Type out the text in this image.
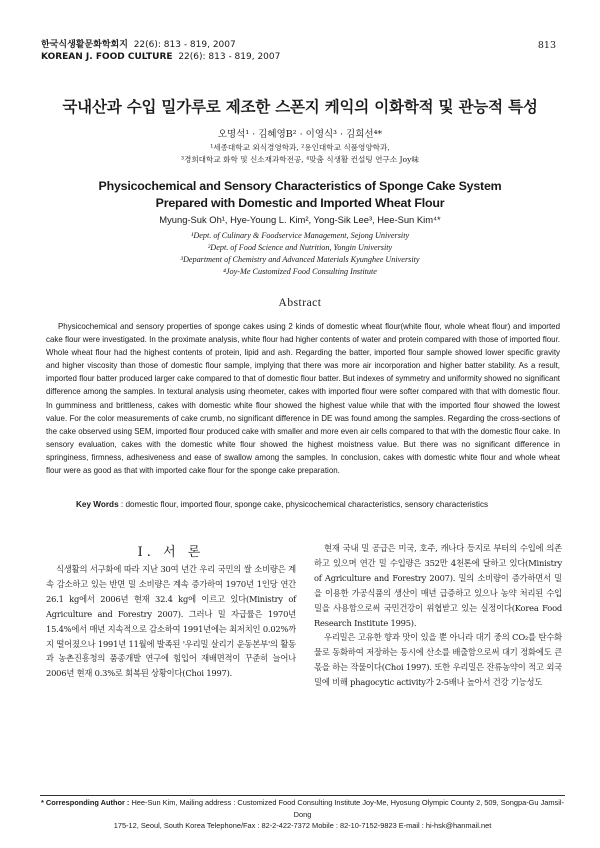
한국식생활문화학회지 22(6): 813 - 819, 2007
KOREAN J. FOOD CULTURE 22(6): 813 - 819, 2007
813
국내산과 수입 밀가루로 제조한 스폰지 케익의 이화학적 및 관능적 특성
오명석¹ · 김혜영B² · 이영식³ · 김희선⁴*
¹세종대학교 외식경영학과, ²용인대학교 식품영양학과,
³경희대학교 화학 및 신소재과학전공, ⁴맞춤 식생활 컨설팅 연구소 Joy味
Physicochemical and Sensory Characteristics of Sponge Cake System
Prepared with Domestic and Imported Wheat Flour
Myung-Suk Oh¹, Hye-Young L. Kim², Yong-Sik Lee³, Hee-Sun Kim⁴*
¹Dept. of Culinary & Foodservice Management, Sejong University
²Dept. of Food Science and Nutrition, Yongin University
³Department of Chemistry and Advanced Materials Kyunghee University
⁴Joy-Me Customized Food Consulting Institute
Abstract

Physicochemical and sensory properties of sponge cakes using 2 kinds of domestic wheat flour(white flour, whole wheat flour) and imported cake flour were investigated. In the proximate analysis, white flour had higher contents of water and protein compared with those of imported flour. Whole wheat flour had the highest contents of protein, lipid and ash. Regarding the batter, imported flour sample showed lower specific gravity and higher viscosity than those of domestic flour sample, implying that there was more air incorporation and higher batter stability. As a result, imported flour batter produced larger cake compared to that of domestic flour batter. But indexes of symmetry and uniformity showed no significant difference among the samples. In textural analysis using rheometer, cakes with imported flour were softer compared with that with domestic flour. In gumminess and brittleness, cakes with domestic white flour showed the highest value while that with the imported flour showed the lowest value. For the color measurements of cake crumb, no significant difference in DE was found among the samples. Regarding the cross-sections of the cake observed using SEM, imported flour produced cake with smaller and more even air cells compared to that with the domestic flour cake. In sensory evaluation, cakes with the domestic white flour showed the highest moistness value. But there was no significant difference in springiness, firmness, adhesiveness and ease of swallow among the samples. In conclusion, cakes with domestic white flour and whole wheat flour were as good as that with imported cake flour for the sponge cake preparation.

Key Words : domestic flour, imported flour, sponge cake, physicochemical characteristics, sensory characteristics
I. 서 론

식생활의 서구화에 따라 지난 30여 년간 우리 국민의 쌀 소비량은 계속 감소하고 있는 반면 밀 소비량은 계속 증가하여 1970년 1인당 연간 26.1 kg에서 2006년 현재 32.4 kg에 이르고 있다(Ministry of Agriculture and Forestry 2007). 그러나 밀 자급률은 1970년 15.4%에서 매년 지속적으로 감소하여 1991년에는 최저치인 0.02%까지 떨어졌으나 1991년 11월에 발족된 '우리밀 살리기 운동본부'의 활동과 농촌진흥청의 품종개발 연구에 힘입어 재배면적이 꾸준히 늘어나 2006년 현재 0.3%로 회복된 상황이다(Choi 1997).

현재 국내 밀 공급은 미국, 호주, 캐나다 등지로 부터의 수입에 의존하고 있으며 연간 밀 수입량은 352만 4천톤에 달하고 있다(Ministry of Agriculture and Forestry 2007). 밀의 소비량이 증가하면서 밀을 이용한 가공식품의 생산이 매년 급증하고 있으나 농약 처리된 수입밀을 사용함으로써 국민건강이 위협받고 있는 실정이다(Korea Food Research Institute 1995).

우리밀은 고유한 향과 맛이 있을 뿐 아니라 대기 중의 CO₂를 탄수화물로 동화하여 저장하는 동시에 산소를 배출함으로써 대기 정화에도 큰 몫을 하는 작물이다(Choi 1997). 또한 우리밀은 잔류농약이 적고 외국밀에 비해 phagocytic activity가 2-5배나 높아서 건강 기능성도

* Corresponding Author : Hee-Sun Kim, Mailing address : Customized Food Consulting Institute Joy-Me, Hyosung Olympic County 2, 509, Songpa-Gu Jamsil-Dong
175-12, Seoul, South Korea Telephone/Fax : 82-2-422-7372 Mobile : 82-10-7152-9823 E-mail : hi-hsk@hanmail.net
